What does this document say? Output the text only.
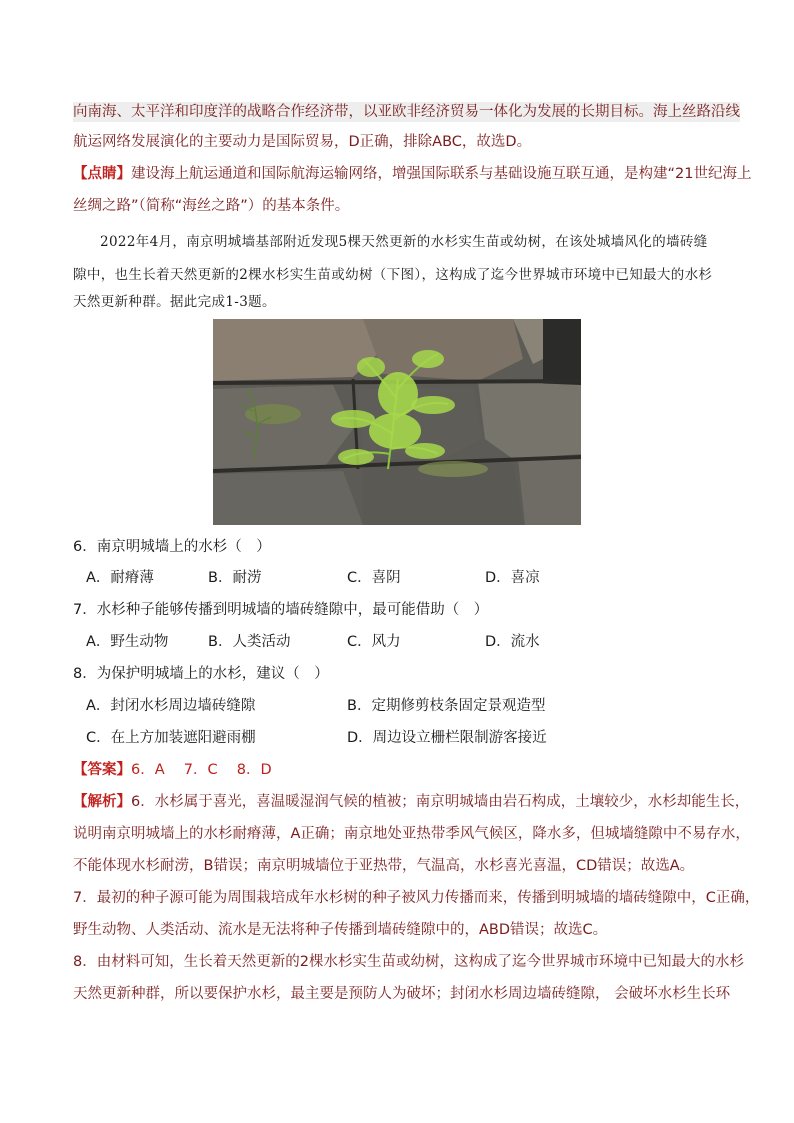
向南海、太平洋和印度洋的战略合作经济带，以亚欧非经济贸易一体化为发展的长期目标。海上丝路沿线
航运网络发展演化的主要动力是国际贸易，D正确，排除ABC，故选D。
【点睛】建设海上航运通道和国际航海运输网络，增强国际联系与基础设施互联互通，是构建“21世纪海上
丝绸之路”（简称“海丝之路”）的基本条件。
2022年4月，南京明城墙基部附近发现5棵天然更新的水杉实生苗或幼树，在该处城墙风化的墙砖缝
隙中，也生长着天然更新的2棵水杉实生苗或幼树（下图），这构成了迄今世界城市环境中已知最大的水杉
天然更新种群。据此完成1-3题。
6．南京明城墙上的水杉（　）
A．耐瘠薄	B．耐涝	C．喜阴	D．喜凉
7．水杉种子能够传播到明城墙的墙砖缝隙中，最可能借助（　）
A．野生动物	B．人类活动	C．风力	D．流水
8．为保护明城墙上的水杉，建议（　）
A．封闭水杉周边墙砖缝隙	B．定期修剪枝条固定景观造型
C．在上方加装遮阳避雨棚	D．周边设立栅栏限制游客接近
【答案】6．A　 7．C　 8．D
【解析】6．水杉属于喜光，喜温暖湿润气候的植被；南京明城墙由岩石构成，土壤较少，水杉却能生长，
说明南京明城墙上的水杉耐瘠薄，A正确；南京地处亚热带季风气候区，降水多，但城墙缝隙中不易存水，
不能体现水杉耐涝，B错误；南京明城墙位于亚热带，气温高，水杉喜光喜温，CD错误；故选A。
7．最初的种子源可能为周围栽培成年水杉树的种子被风力传播而来，传播到明城墙的墙砖缝隙中，C正确，
野生动物、人类活动、流水是无法将种子传播到墙砖缝隙中的，ABD错误；故选C。
8．由材料可知，生长着天然更新的2棵水杉实生苗或幼树，这构成了迄今世界城市环境中已知最大的水杉
天然更新种群，所以要保护水杉，最主要是预防人为破坏；封闭水杉周边墙砖缝隙， 会破坏水杉生长环
